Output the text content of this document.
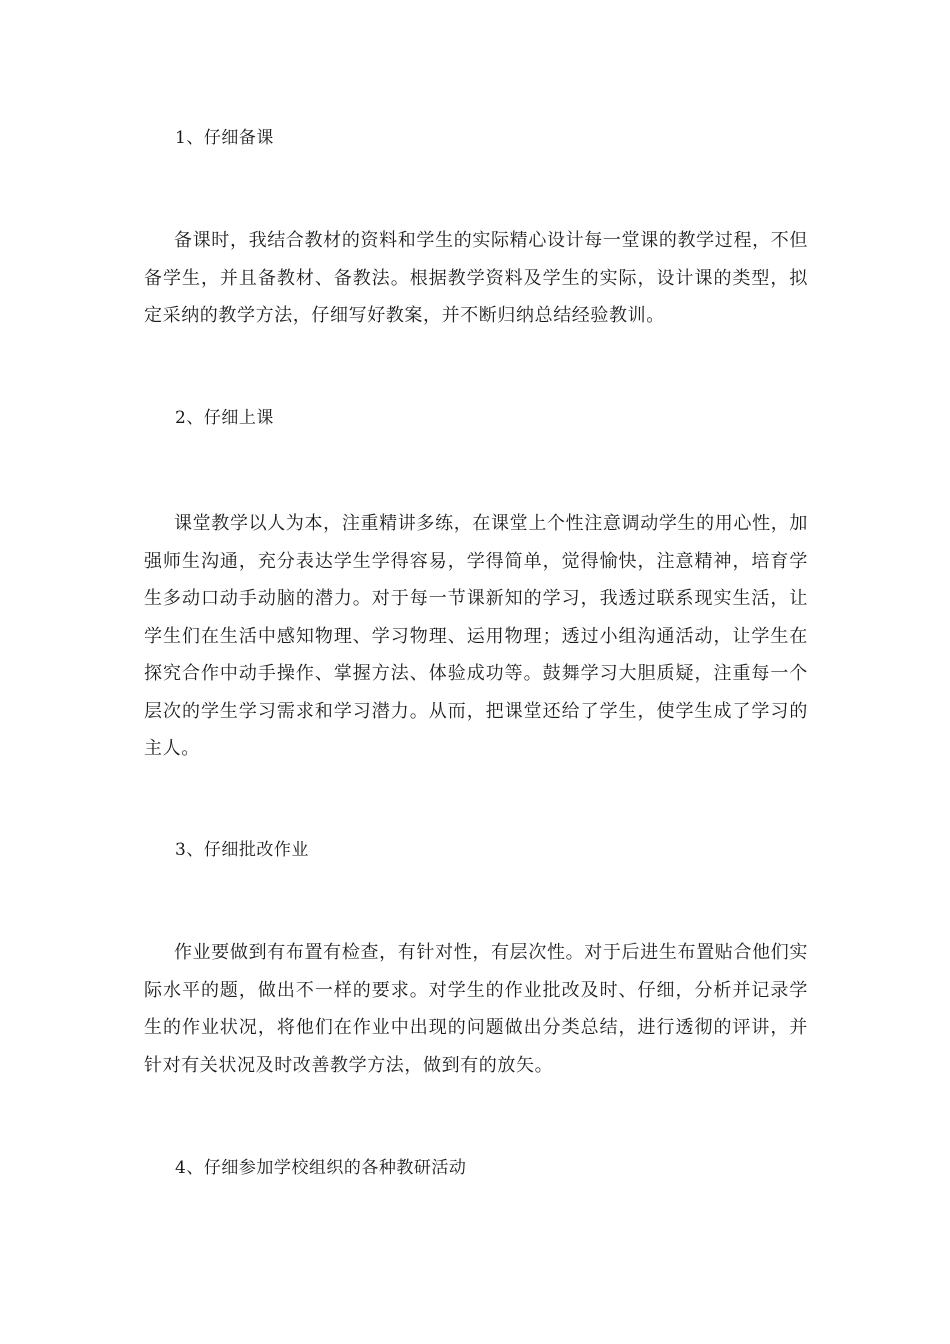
1、仔细备课
备课时，我结合教材的资料和学生的实际精心设计每一堂课的教学过程，不但备学生，并且备教材、备教法。根据教学资料及学生的实际，设计课的类型，拟定采纳的教学方法，仔细写好教案，并不断归纳总结经验教训。
2、仔细上课
课堂教学以人为本，注重精讲多练，在课堂上个性注意调动学生的用心性，加强师生沟通，充分表达学生学得容易，学得简单，觉得愉快，注意精神，培育学生多动口动手动脑的潜力。对于每一节课新知的学习，我透过联系现实生活，让学生们在生活中感知物理、学习物理、运用物理；透过小组沟通活动，让学生在探究合作中动手操作、掌握方法、体验成功等。鼓舞学习大胆质疑，注重每一个层次的学生学习需求和学习潜力。从而，把课堂还给了学生，使学生成了学习的主人。
3、仔细批改作业
作业要做到有布置有检查，有针对性，有层次性。对于后进生布置贴合他们实际水平的题，做出不一样的要求。对学生的作业批改及时、仔细，分析并记录学生的作业状况，将他们在作业中出现的问题做出分类总结，进行透彻的评讲，并针对有关状况及时改善教学方法，做到有的放矢。
4、仔细参加学校组织的各种教研活动
